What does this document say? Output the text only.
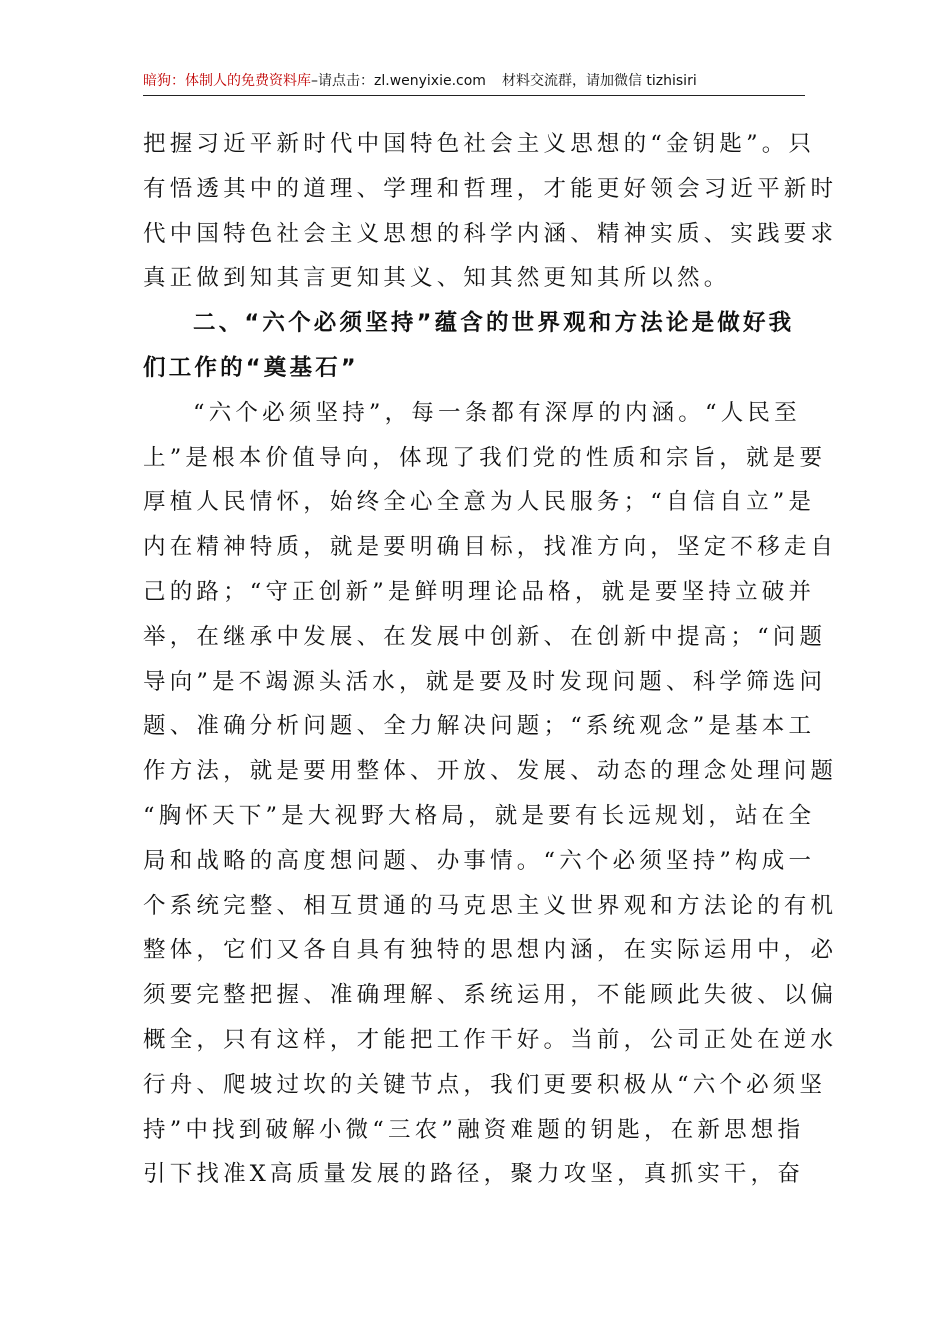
暗狗：体制人的免费资料库–请点击：zl.wenyixie.com 材料交流群，请加微信 tizhisiri

把握习近平新时代中国特色社会主义思想的“金钥匙”。只
有悟透其中的道理、学理和哲理，才能更好领会习近平新时
代中国特色社会主义思想的科学内涵、精神实质、实践要求
真正做到知其言更知其义、知其然更知其所以然。

二、“六个必须坚持”蕴含的世界观和方法论是做好我
们工作的“奠基石”

“六个必须坚持”，每一条都有深厚的内涵。“人民至
上”是根本价值导向，体现了我们党的性质和宗旨，就是要
厚植人民情怀，始终全心全意为人民服务；“自信自立”是
内在精神特质，就是要明确目标，找准方向，坚定不移走自
己的路；“守正创新”是鲜明理论品格，就是要坚持立破并
举，在继承中发展、在发展中创新、在创新中提高；“问题
导向”是不竭源头活水，就是要及时发现问题、科学筛选问
题、准确分析问题、全力解决问题；“系统观念”是基本工
作方法，就是要用整体、开放、发展、动态的理念处理问题
“胸怀天下”是大视野大格局，就是要有长远规划，站在全
局和战略的高度想问题、办事情。“六个必须坚持”构成一
个系统完整、相互贯通的马克思主义世界观和方法论的有机
整体，它们又各自具有独特的思想内涵，在实际运用中，必
须要完整把握、准确理解、系统运用，不能顾此失彼、以偏
概全，只有这样，才能把工作干好。当前，公司正处在逆水
行舟、爬坡过坎的关键节点，我们更要积极从“六个必须坚
持”中找到破解小微“三农”融资难题的钥匙，在新思想指
引下找准X高质量发展的路径，聚力攻坚，真抓实干，奋
